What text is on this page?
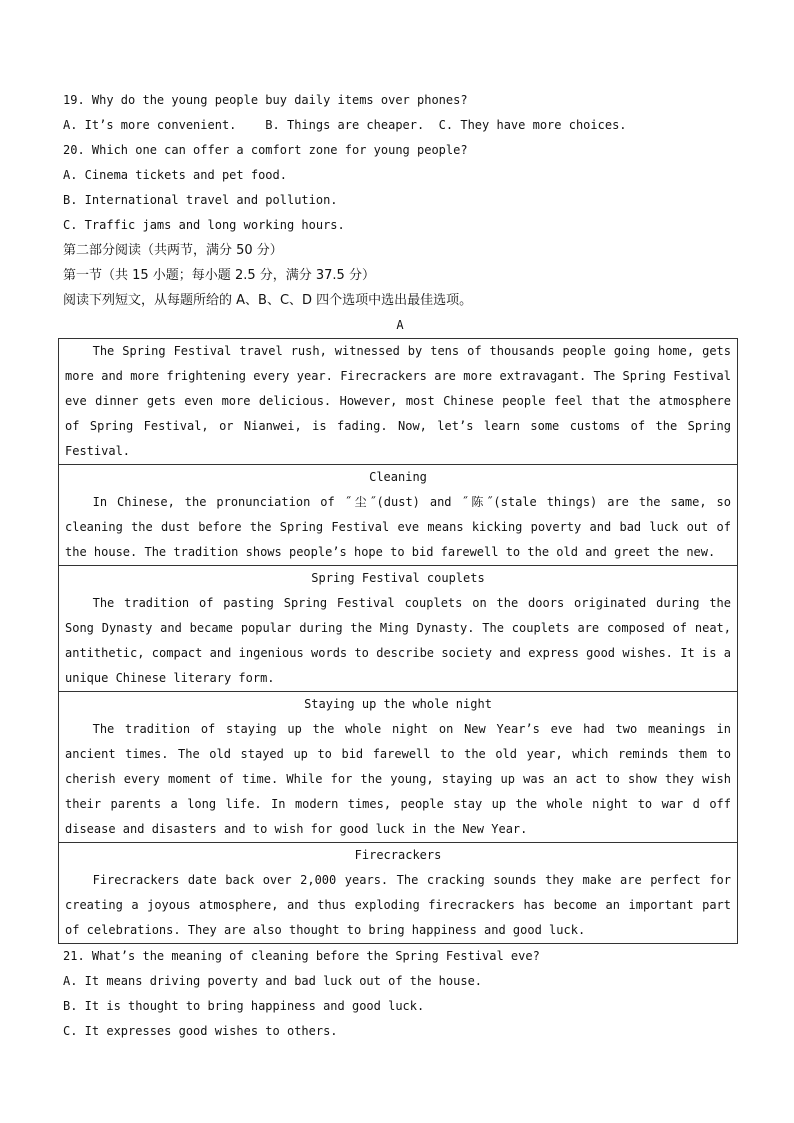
19. Why do the young people buy daily items over phones?
A. It’s more convenient.    B. Things are cheaper.  C. They have more choices.
20. Which one can offer a comfort zone for young people?
A. Cinema tickets and pet food.
B. International travel and pollution.
C. Traffic jams and long working hours.
第二部分阅读（共两节，满分 50 分）
第一节（共 15 小题；每小题 2.5 分，满分 37.5 分）
阅读下列短文，从每题所给的 A、B、C、D 四个选项中选出最佳选项。
A
The Spring Festival travel rush, witnessed by tens of thousands people going home, gets more and more frightening every year. Firecrackers are more extravagant. The Spring Festival eve dinner gets even more delicious. However, most Chinese people feel that the atmosphere of Spring Festival, or Nianwei, is fading. Now, let’s learn some customs of the Spring Festival.
Cleaning
In Chinese, the pronunciation of ˝尘˝(dust) and ˝陈˝(stale things) are the same, so cleaning the dust before the Spring Festival eve means kicking poverty and bad luck out of the house. The tradition shows people’s hope to bid farewell to the old and greet the new.
Spring Festival couplets
The tradition of pasting Spring Festival couplets on the doors originated during the Song Dynasty and became popular during the Ming Dynasty. The couplets are composed of neat, antithetic, compact and ingenious words to describe society and express good wishes. It is a unique Chinese literary form.
Staying up the whole night
The tradition of staying up the whole night on New Year’s eve had two meanings in ancient times. The old stayed up to bid farewell to the old year, which reminds them to cherish every moment of time. While for the young, staying up was an act to show they wish their parents a long life. In modern times, people stay up the whole night to war d off disease and disasters and to wish for good luck in the New Year.
Firecrackers
Firecrackers date back over 2,000 years. The cracking sounds they make are perfect for creating a joyous atmosphere, and thus exploding firecrackers has become an important part of celebrations. They are also thought to bring happiness and good luck.
21. What’s the meaning of cleaning before the Spring Festival eve?
A. It means driving poverty and bad luck out of the house.
B. It is thought to bring happiness and good luck.
C. It expresses good wishes to others.
